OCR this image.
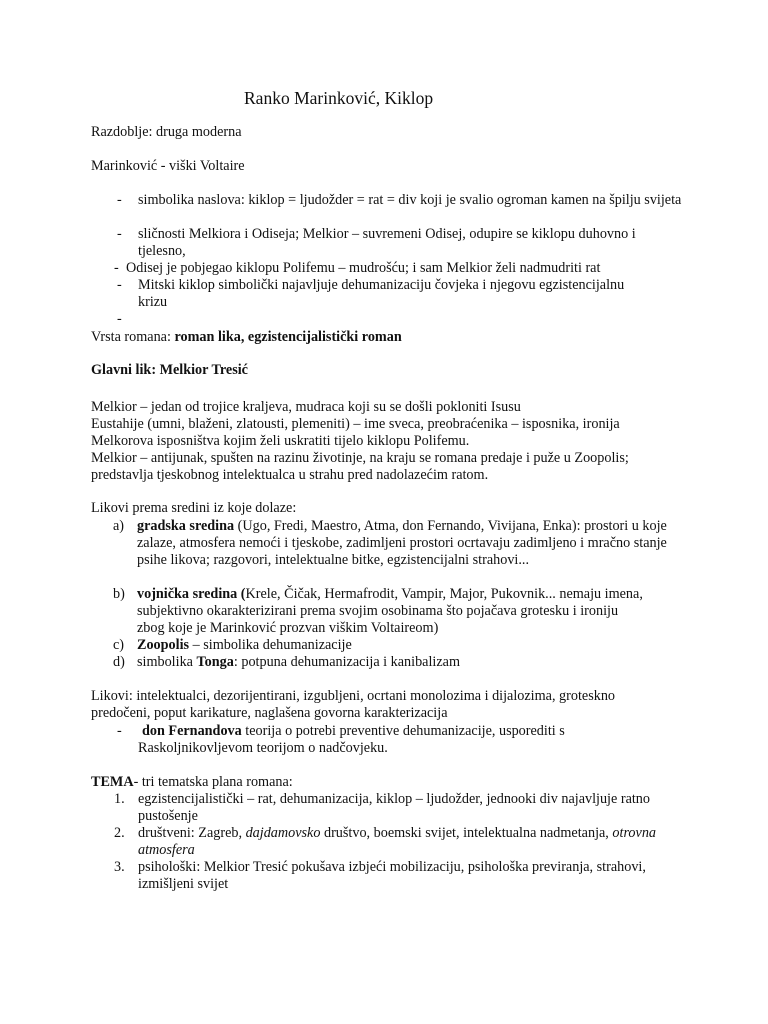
Ranko Marinković, Kiklop
Razdoblje: druga moderna
Marinković - viški Voltaire
- simbolika naslova: kiklop = ljudožder = rat = div koji je svalio ogroman kamen na špilju svijeta
- sličnosti Melkiora i Odiseja; Melkior – suvremeni Odisej, odupire se kiklopu duhovno i tjelesno,
- Odisej je pobjegao kiklopu Polifemu – mudrošću; i sam Melkior želi nadmudriti rat
- Mitski kiklop simbolički najavljuje dehumanizaciju čovjeka i njegovu egzistencijalnu krizu
-
Vrsta romana: roman lika, egzistencijalistički roman
Glavni lik: Melkior Tresić
Melkior – jedan od trojice kraljeva, mudraca koji su se došli pokloniti Isusu
Eustahije (umni, blaženi, zlatousti, plemeniti) – ime sveca, preobraćenika – isposnika, ironija Melkorova isposništva kojim želi uskratiti tijelo kiklopu Polifemu.
Melkior – antijunak, spušten na razinu životinje, na kraju se romana predaje i puže u Zoopolis; predstavlja tjeskobnog intelektualca u strahu pred nadolazećim ratom.
Likovi prema sredini iz koje dolaze:
a) gradska sredina (Ugo, Fredi, Maestro, Atma, don Fernando, Vivijana, Enka): prostori u koje zalaze, atmosfera nemoći i tjeskobe, zadimljeni prostori ocrtavaju zadimljeno i mračno stanje psihe likova; razgovori, intelektualne bitke, egzistencijalni strahovi...
b) vojnička sredina (Krele, Čičak, Hermafrodit, Vampir, Major, Pukovnik... nemaju imena, subjektivno okarakterizirani prema svojim osobinama što pojačava grotesku i ironiju zbog koje je Marinković prozvan viškim Voltaireom)
c) Zoopolis – simbolika dehumanizacije
d) simbolika Tonga: potpuna dehumanizacija i kanibalizam
Likovi: intelektualci, dezorijentirani, izgubljeni, ocrtani monolozima i dijalozima, groteskno predočeni, poput karikature, naglašena govorna karakterizacija
- don Fernandova teorija o potrebi preventive dehumanizacije, usporediti s Raskoljnikovljevom teorijom o nadčovjeku.
TEMA- tri tematska plana romana:
1. egzistencijalistički – rat, dehumanizacija, kiklop – ljudožder, jednooki div najavljuje ratno pustošenje
2. društveni: Zagreb, dajdamovsko društvo, boemski svijet, intelektualna nadmetanja, otrovna atmosfera
3. psihološki: Melkior Tresić pokušava izbjeći mobilizaciju, psihološka previranja, strahovi, izmišljeni svijet
